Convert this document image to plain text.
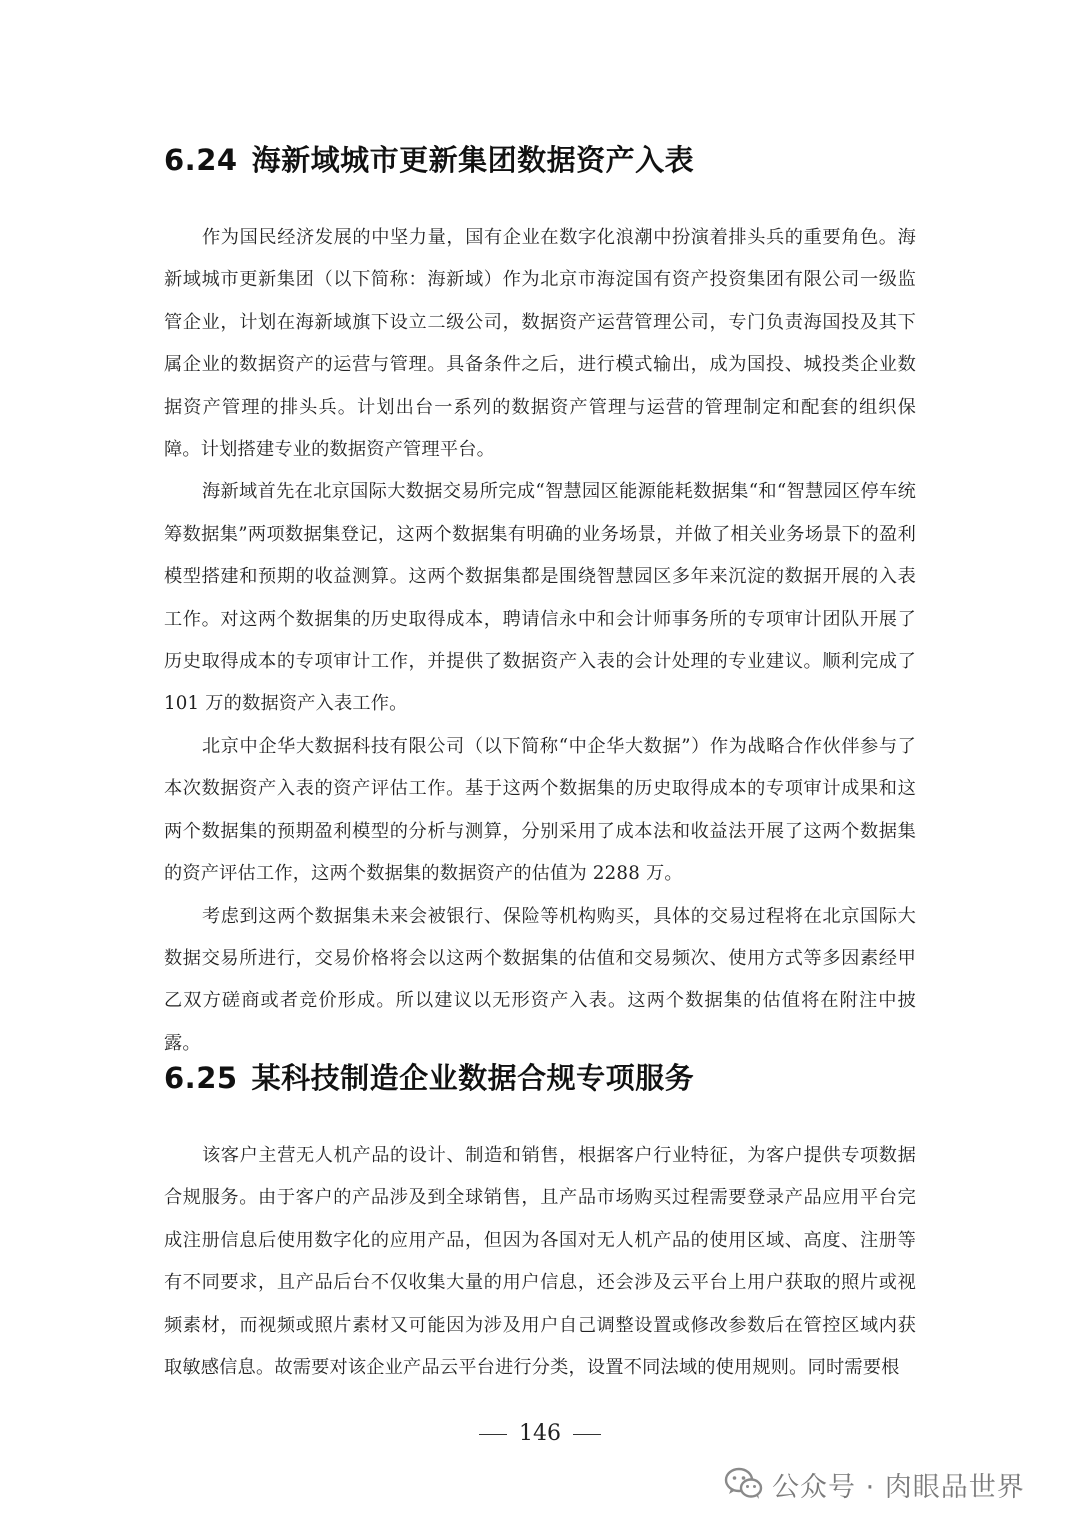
6.24 海新域城市更新集团数据资产入表

作为国民经济发展的中坚力量，国有企业在数字化浪潮中扮演着排头兵的重要角色。海新域城市更新集团（以下简称：海新域）作为北京市海淀国有资产投资集团有限公司一级监管企业，计划在海新域旗下设立二级公司，数据资产运营管理公司，专门负责海国投及其下属企业的数据资产的运营与管理。具备条件之后，进行模式输出，成为国投、城投类企业数据资产管理的排头兵。计划出台一系列的数据资产管理与运营的管理制定和配套的组织保障。计划搭建专业的数据资产管理平台。

海新域首先在北京国际大数据交易所完成“智慧园区能源能耗数据集“和“智慧园区停车统筹数据集”两项数据集登记，这两个数据集有明确的业务场景，并做了相关业务场景下的盈利模型搭建和预期的收益测算。这两个数据集都是围绕智慧园区多年来沉淀的数据开展的入表工作。对这两个数据集的历史取得成本，聘请信永中和会计师事务所的专项审计团队开展了历史取得成本的专项审计工作，并提供了数据资产入表的会计处理的专业建议。顺利完成了 101 万的数据资产入表工作。

北京中企华大数据科技有限公司（以下简称“中企华大数据”）作为战略合作伙伴参与了本次数据资产入表的资产评估工作。基于这两个数据集的历史取得成本的专项审计成果和这两个数据集的预期盈利模型的分析与测算，分别采用了成本法和收益法开展了这两个数据集的资产评估工作，这两个数据集的数据资产的估值为 2288 万。

考虑到这两个数据集未来会被银行、保险等机构购买，具体的交易过程将在北京国际大数据交易所进行，交易价格将会以这两个数据集的估值和交易频次、使用方式等多因素经甲乙双方磋商或者竞价形成。所以建议以无形资产入表。这两个数据集的估值将在附注中披露。

6.25 某科技制造企业数据合规专项服务

该客户主营无人机产品的设计、制造和销售，根据客户行业特征，为客户提供专项数据合规服务。由于客户的产品涉及到全球销售，且产品市场购买过程需要登录产品应用平台完成注册信息后使用数字化的应用产品，但因为各国对无人机产品的使用区域、高度、注册等有不同要求，且产品后台不仅收集大量的用户信息，还会涉及云平台上用户获取的照片或视频素材，而视频或照片素材又可能因为涉及用户自己调整设置或修改参数后在管控区域内获取敏感信息。故需要对该企业产品云平台进行分类，设置不同法域的使用规则。同时需要根

146
公众号 · 肉眼品世界
